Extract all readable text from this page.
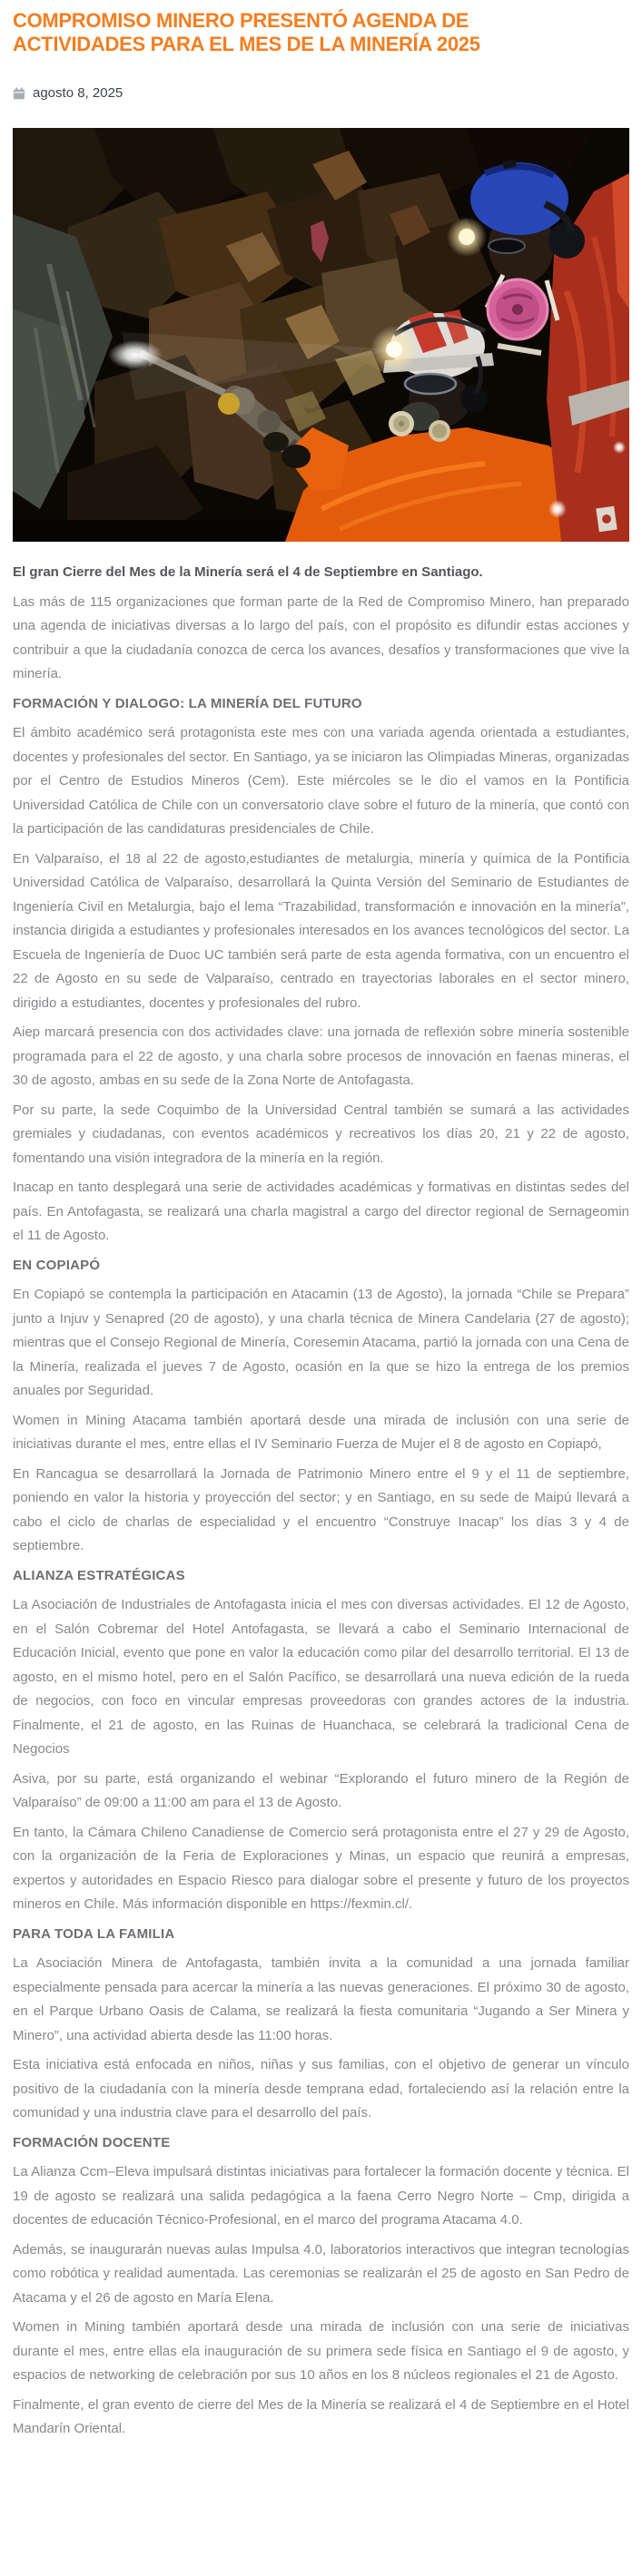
COMPROMISO MINERO PRESENTÓ AGENDA DE ACTIVIDADES PARA EL MES DE LA MINERÍA 2025
agosto 8, 2025

El gran Cierre del Mes de la Minería será el 4 de Septiembre en Santiago.

Las más de 115 organizaciones que forman parte de la Red de Compromiso Minero, han preparado una agenda de iniciativas diversas a lo largo del país, con el propósito es difundir estas acciones y contribuir a que la ciudadanía conozca de cerca los avances, desafíos y transformaciones que vive la minería.

FORMACIÓN Y DIALOGO: LA MINERÍA DEL FUTURO

El ámbito académico será protagonista este mes con una variada agenda orientada a estudiantes, docentes y profesionales del sector. En Santiago, ya se iniciaron las Olimpiadas Mineras, organizadas por el Centro de Estudios Mineros (Cem). Este miércoles se le dio el vamos en la Pontificia Universidad Católica de Chile con un conversatorio clave sobre el futuro de la minería, que contó con la participación de las candidaturas presidenciales de Chile.

En Valparaíso, el 18 al 22 de agosto,estudiantes de metalurgia, minería y química de la Pontificia Universidad Católica de Valparaíso, desarrollará la Quinta Versión del Seminario de Estudiantes de Ingeniería Civil en Metalurgia, bajo el lema “Trazabilidad, transformación e innovación en la minería”, instancia dirigida a estudiantes y profesionales interesados en los avances tecnológicos del sector. La Escuela de Ingeniería de Duoc UC también será parte de esta agenda formativa, con un encuentro el 22 de Agosto en su sede de Valparaíso, centrado en trayectorias laborales en el sector minero, dirigido a estudiantes, docentes y profesionales del rubro.

Aiep marcará presencia con dos actividades clave: una jornada de reflexión sobre minería sostenible programada para el 22 de agosto, y una charla sobre procesos de innovación en faenas mineras, el 30 de agosto, ambas en su sede de la Zona Norte de Antofagasta.

Por su parte, la sede Coquimbo de la Universidad Central también se sumará a las actividades gremiales y ciudadanas, con eventos académicos y recreativos los días 20, 21 y 22 de agosto, fomentando una visión integradora de la minería en la región.

Inacap en tanto desplegará una serie de actividades académicas y formativas en distintas sedes del país. En Antofagasta, se realizará una charla magistral a cargo del director regional de Sernageomin el 11 de Agosto.

EN COPIAPÓ

En Copiapó se contempla la participación en Atacamin (13 de Agosto), la jornada “Chile se Prepara” junto a Injuv y Senapred (20 de agosto), y una charla técnica de Minera Candelaria (27 de agosto); mientras que el Consejo Regional de Minería, Coresemin Atacama, partió la jornada con una Cena de la Minería, realizada el jueves 7 de Agosto, ocasión en la que se hizo la entrega de los premios anuales por Seguridad.

Women in Mining Atacama también aportará desde una mirada de inclusión con una serie de iniciativas durante el mes, entre ellas el IV Seminario Fuerza de Mujer el 8 de agosto en Copiapó,

En Rancagua se desarrollará la Jornada de Patrimonio Minero entre el 9 y el 11 de septiembre, poniendo en valor la historia y proyección del sector; y en Santiago, en su sede de Maipú llevará a cabo el ciclo de charlas de especialidad y el encuentro “Construye Inacap” los días 3 y 4 de septiembre.

ALIANZA ESTRATÉGICAS

La Asociación de Industriales de Antofagasta inicia el mes con diversas actividades. El 12 de Agosto, en el Salón Cobremar del Hotel Antofagasta, se llevará a cabo el Seminario Internacional de Educación Inicial, evento que pone en valor la educación como pilar del desarrollo territorial. El 13 de agosto, en el mismo hotel, pero en el Salón Pacífico, se desarrollará una nueva edición de la rueda de negocios, con foco en vincular empresas proveedoras con grandes actores de la industria. Finalmente, el 21 de agosto, en las Ruinas de Huanchaca, se celebrará la tradicional Cena de Negocios

Asiva, por su parte, está organizando el webinar “Explorando el futuro minero de la Región de Valparaíso” de 09:00 a 11:00 am para el 13 de Agosto.

En tanto, la Cámara Chileno Canadiense de Comercio será protagonista entre el 27 y 29 de Agosto, con la organización de la Feria de Exploraciones y Minas, un espacio que reunirá a empresas, expertos y autoridades en Espacio Riesco para dialogar sobre el presente y futuro de los proyectos mineros en Chile. Más información disponible en https://fexmin.cl/.

PARA TODA LA FAMILIA

La Asociación Minera de Antofagasta, también invita a la comunidad a una jornada familiar especialmente pensada para acercar la minería a las nuevas generaciones. El próximo 30 de agosto, en el Parque Urbano Oasis de Calama, se realizará la fiesta comunitaria “Jugando a Ser Minera y Minero”, una actividad abierta desde las 11:00 horas.

Esta iniciativa está enfocada en niños, niñas y sus familias, con el objetivo de generar un vínculo positivo de la ciudadanía con la minería desde temprana edad, fortaleciendo así la relación entre la comunidad y una industria clave para el desarrollo del país.

FORMACIÓN DOCENTE

La Alianza Ccm–Eleva impulsará distintas iniciativas para fortalecer la formación docente y técnica. El 19 de agosto se realizará una salida pedagógica a la faena Cerro Negro Norte – Cmp, dirigida a docentes de educación Técnico-Profesional, en el marco del programa Atacama 4.0.

Además, se inaugurarán nuevas aulas Impulsa 4.0, laboratorios interactivos que integran tecnologías como robótica y realidad aumentada. Las ceremonias se realizarán el 25 de agosto en San Pedro de Atacama y el 26 de agosto en María Elena.

Women in Mining también aportará desde una mirada de inclusión con una serie de iniciativas durante el mes, entre ellas ela inauguración de su primera sede física en Santiago el 9 de agosto, y espacios de networking de celebración por sus 10 años en los 8 núcleos regionales el 21 de Agosto.

Finalmente, el gran evento de cierre del Mes de la Minería se realizará el 4 de Septiembre en el Hotel Mandarín Oriental.
